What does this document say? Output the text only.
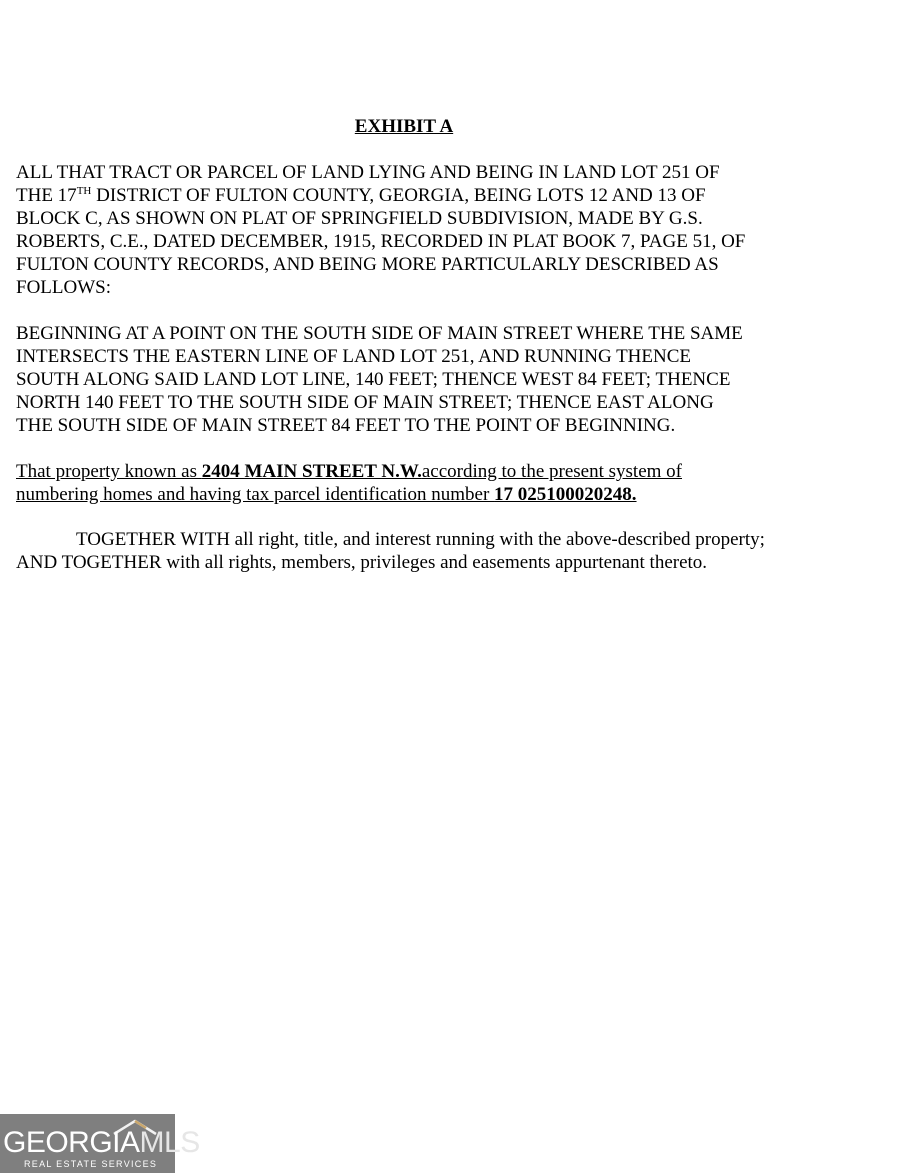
EXHIBIT A
ALL THAT TRACT OR PARCEL OF LAND LYING AND BEING IN LAND LOT 251 OF
THE 17TH DISTRICT OF FULTON COUNTY, GEORGIA, BEING LOTS 12 AND 13 OF
BLOCK C, AS SHOWN ON PLAT OF SPRINGFIELD SUBDIVISION, MADE BY G.S.
ROBERTS, C.E., DATED DECEMBER, 1915, RECORDED IN PLAT BOOK 7, PAGE 51, OF
FULTON COUNTY RECORDS, AND BEING MORE PARTICULARLY DESCRIBED AS
FOLLOWS:
BEGINNING AT A POINT ON THE SOUTH SIDE OF MAIN STREET WHERE THE SAME
INTERSECTS THE EASTERN LINE OF LAND LOT 251, AND RUNNING THENCE
SOUTH ALONG SAID LAND LOT LINE, 140 FEET; THENCE WEST 84 FEET; THENCE
NORTH 140 FEET TO THE SOUTH SIDE OF MAIN STREET; THENCE EAST ALONG
THE SOUTH SIDE OF MAIN STREET 84 FEET TO THE POINT OF BEGINNING.
That property known as 2404 MAIN STREET N.W.according to the present system of
numbering homes and having tax parcel identification number 17 025100020248.
TOGETHER WITH all right, title, and interest running with the above-described property;
AND TOGETHER with all rights, members, privileges and easements appurtenant thereto.
GEORGIAMLS
REAL ESTATE SERVICES
